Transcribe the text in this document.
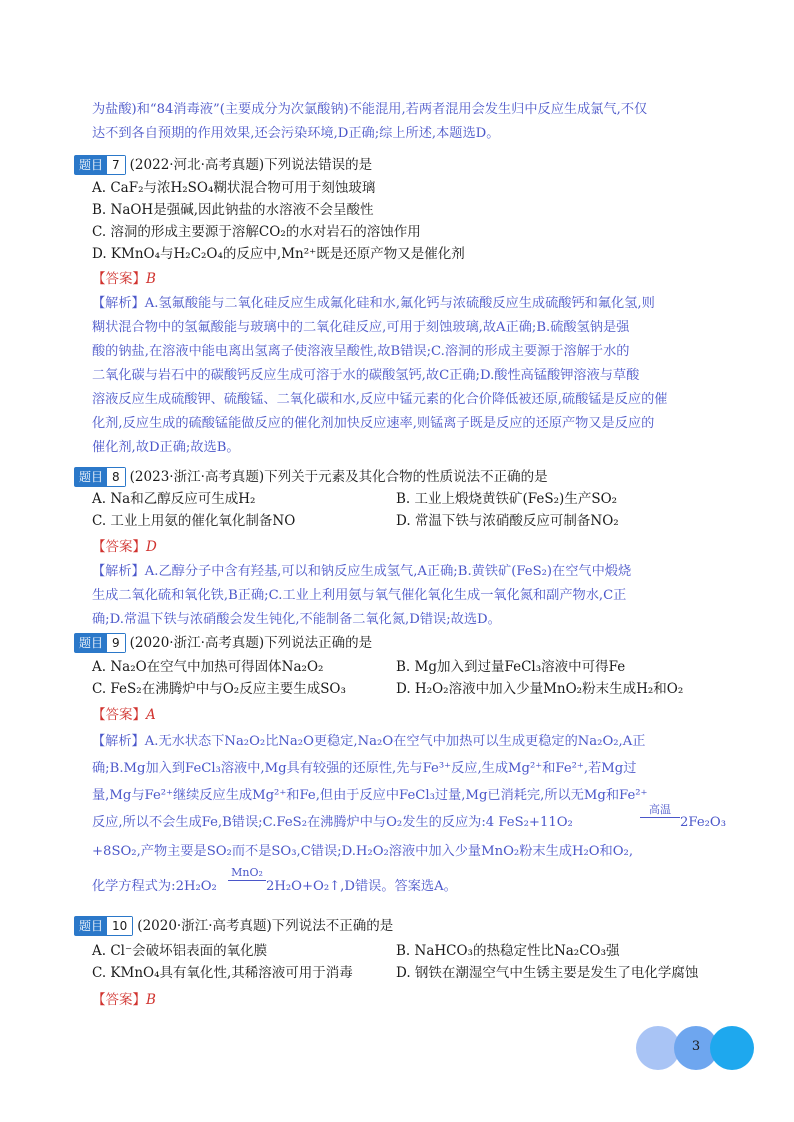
为盐酸)和“84消毒液”(主要成分为次氯酸钠)不能混用,若两者混用会发生归中反应生成氯气,不仅
达不到各自预期的作用效果,还会污染环境,D正确;综上所述,本题选D。
题目 7 (2022·河北·高考真题)下列说法错误的是
A. CaF₂与浓H₂SO₄糊状混合物可用于刻蚀玻璃
B. NaOH是强碱,因此钠盐的水溶液不会呈酸性
C. 溶洞的形成主要源于溶解CO₂的水对岩石的溶蚀作用
D. KMnO₄与H₂C₂O₄的反应中,Mn²⁺既是还原产物又是催化剂
【答案】B
【解析】A.氢氟酸能与二氧化硅反应生成氟化硅和水,氟化钙与浓硫酸反应生成硫酸钙和氟化氢,则
糊状混合物中的氢氟酸能与玻璃中的二氧化硅反应,可用于刻蚀玻璃,故A正确;B.硫酸氢钠是强
酸的钠盐,在溶液中能电离出氢离子使溶液呈酸性,故B错误;C.溶洞的形成主要源于溶解于水的
二氧化碳与岩石中的碳酸钙反应生成可溶于水的碳酸氢钙,故C正确;D.酸性高锰酸钾溶液与草酸
溶液反应生成硫酸钾、硫酸锰、二氧化碳和水,反应中锰元素的化合价降低被还原,硫酸锰是反应的催
化剂,反应生成的硫酸锰能做反应的催化剂加快反应速率,则锰离子既是反应的还原产物又是反应的
催化剂,故D正确;故选B。
题目 8 (2023·浙江·高考真题)下列关于元素及其化合物的性质说法不正确的是
A. Na和乙醇反应可生成H₂	B. 工业上煅烧黄铁矿(FeS₂)生产SO₂
C. 工业上用氨的催化氧化制备NO	D. 常温下铁与浓硝酸反应可制备NO₂
【答案】D
【解析】A.乙醇分子中含有羟基,可以和钠反应生成氢气,A正确;B.黄铁矿(FeS₂)在空气中煅烧
生成二氧化硫和氧化铁,B正确;C.工业上利用氨与氧气催化氧化生成一氧化氮和副产物水,C正
确;D.常温下铁与浓硝酸会发生钝化,不能制备二氧化氮,D错误;故选D。
题目 9 (2020·浙江·高考真题)下列说法正确的是
A. Na₂O在空气中加热可得固体Na₂O₂	B. Mg加入到过量FeCl₃溶液中可得Fe
C. FeS₂在沸腾炉中与O₂反应主要生成SO₃	D. H₂O₂溶液中加入少量MnO₂粉末生成H₂和O₂
【答案】A
【解析】A.无水状态下Na₂O₂比Na₂O更稳定,Na₂O在空气中加热可以生成更稳定的Na₂O₂,A正
确;B.Mg加入到FeCl₃溶液中,Mg具有较强的还原性,先与Fe³⁺反应,生成Mg²⁺和Fe²⁺,若Mg过
量,Mg与Fe²⁺继续反应生成Mg²⁺和Fe,但由于反应中FeCl₃过量,Mg已消耗完,所以无Mg和Fe²⁺
反应,所以不会生成Fe,B错误;C.FeS₂在沸腾炉中与O₂发生的反应为:4 FeS₂+11O₂
高温
2Fe₂O₃
+8SO₂,产物主要是SO₂而不是SO₃,C错误;D.H₂O₂溶液中加入少量MnO₂粉末生成H₂O和O₂,
化学方程式为:2H₂O₂
MnO₂
2H₂O+O₂↑,D错误。答案选A。
题目 10 (2020·浙江·高考真题)下列说法不正确的是
A. Cl⁻会破坏铝表面的氧化膜	B. NaHCO₃的热稳定性比Na₂CO₃强
C. KMnO₄具有氧化性,其稀溶液可用于消毒	D. 钢铁在潮湿空气中生锈主要是发生了电化学腐蚀
【答案】B
3
